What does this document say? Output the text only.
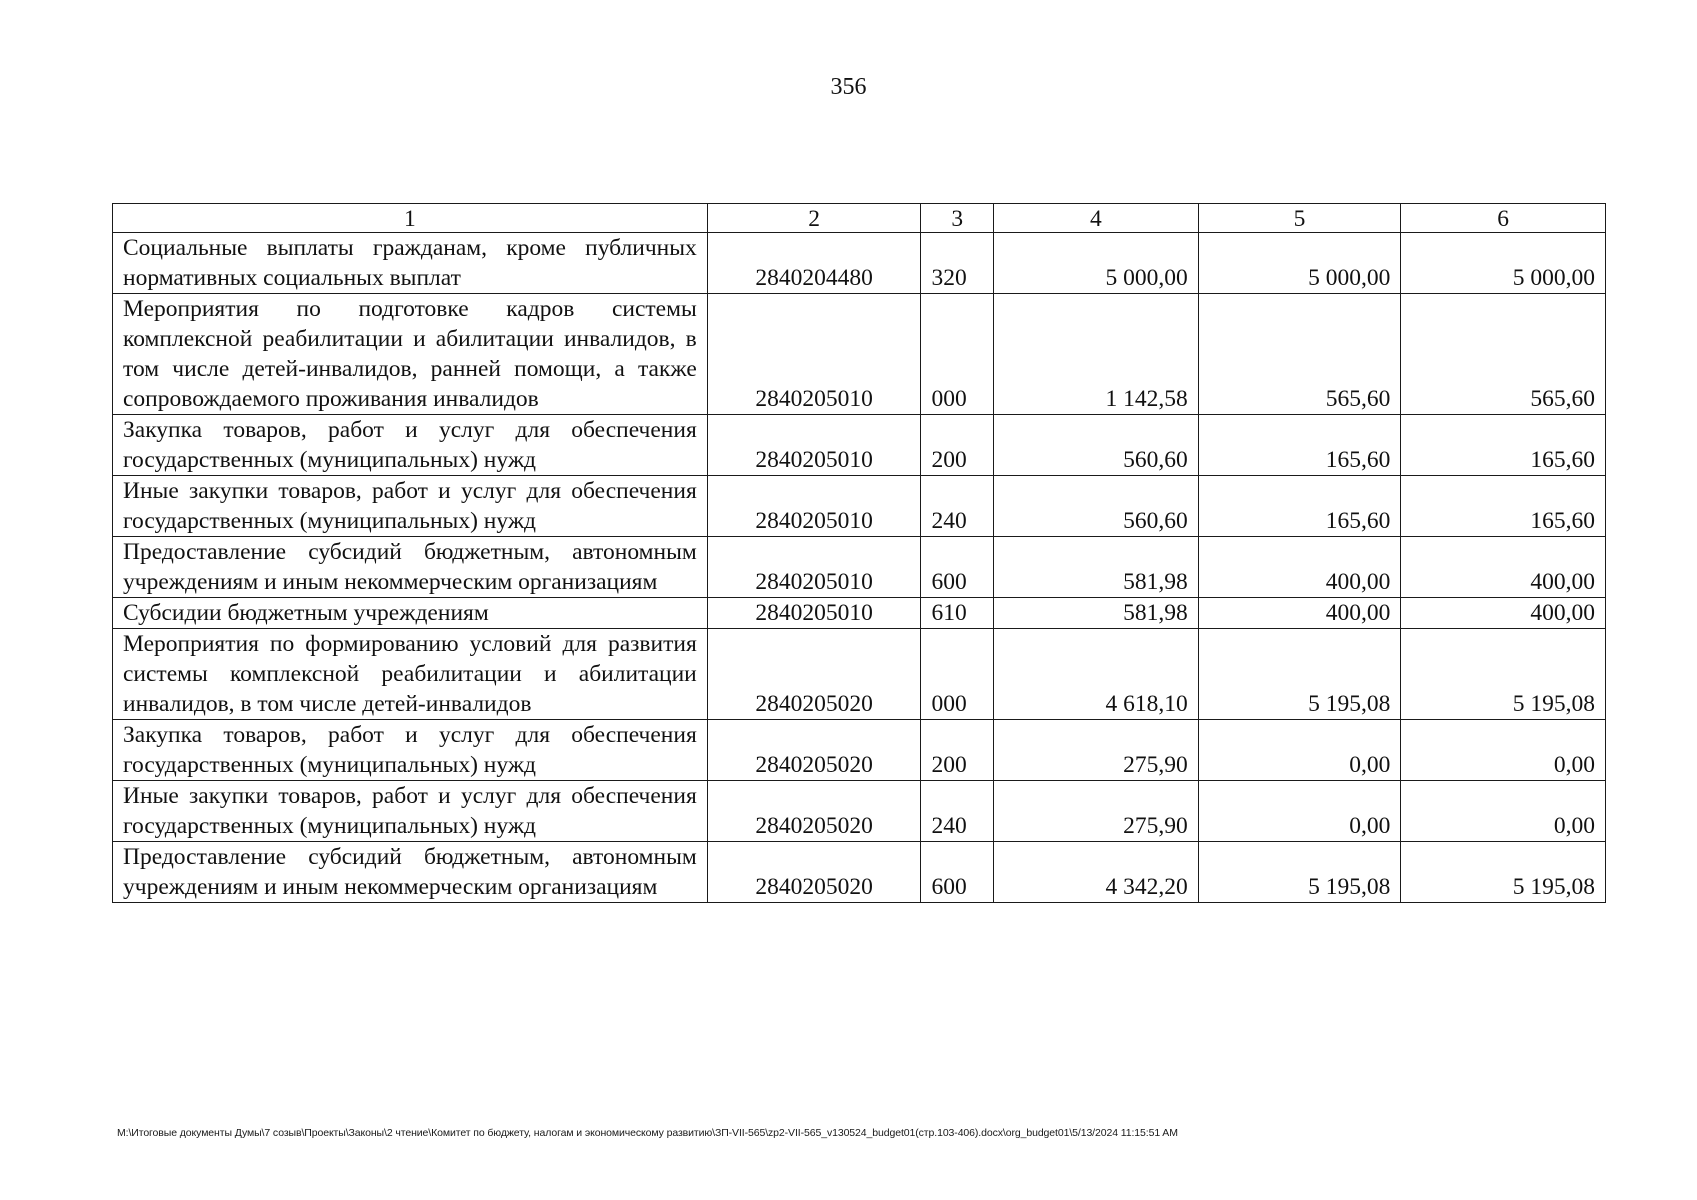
356
1	2	3	4	5	6
Социальные выплаты гражданам, кроме публичных нормативных социальных выплат	2840204480	320	5 000,00	5 000,00	5 000,00
Мероприятия по подготовке кадров системы комплексной реабилитации и абилитации инвалидов, в том числе детей-инвалидов, ранней помощи, а также сопровождаемого проживания инвалидов	2840205010	000	1 142,58	565,60	565,60
Закупка товаров, работ и услуг для обеспечения государственных (муниципальных) нужд	2840205010	200	560,60	165,60	165,60
Иные закупки товаров, работ и услуг для обеспечения государственных (муниципальных) нужд	2840205010	240	560,60	165,60	165,60
Предоставление субсидий бюджетным, автономным учреждениям и иным некоммерческим организациям	2840205010	600	581,98	400,00	400,00
Субсидии бюджетным учреждениям	2840205010	610	581,98	400,00	400,00
Мероприятия по формированию условий для развития системы комплексной реабилитации и абилитации инвалидов, в том числе детей-инвалидов	2840205020	000	4 618,10	5 195,08	5 195,08
Закупка товаров, работ и услуг для обеспечения государственных (муниципальных) нужд	2840205020	200	275,90	0,00	0,00
Иные закупки товаров, работ и услуг для обеспечения государственных (муниципальных) нужд	2840205020	240	275,90	0,00	0,00
Предоставление субсидий бюджетным, автономным учреждениям и иным некоммерческим организациям	2840205020	600	4 342,20	5 195,08	5 195,08
M:\Итоговые документы Думы\7 созыв\Проекты\Законы\2 чтение\Комитет по бюджету, налогам и экономическому развитию\ЗП-VII-565\zp2-VII-565_v130524_budget01(стр.103-406).docx\org_budget01\5/13/2024 11:15:51 AM
